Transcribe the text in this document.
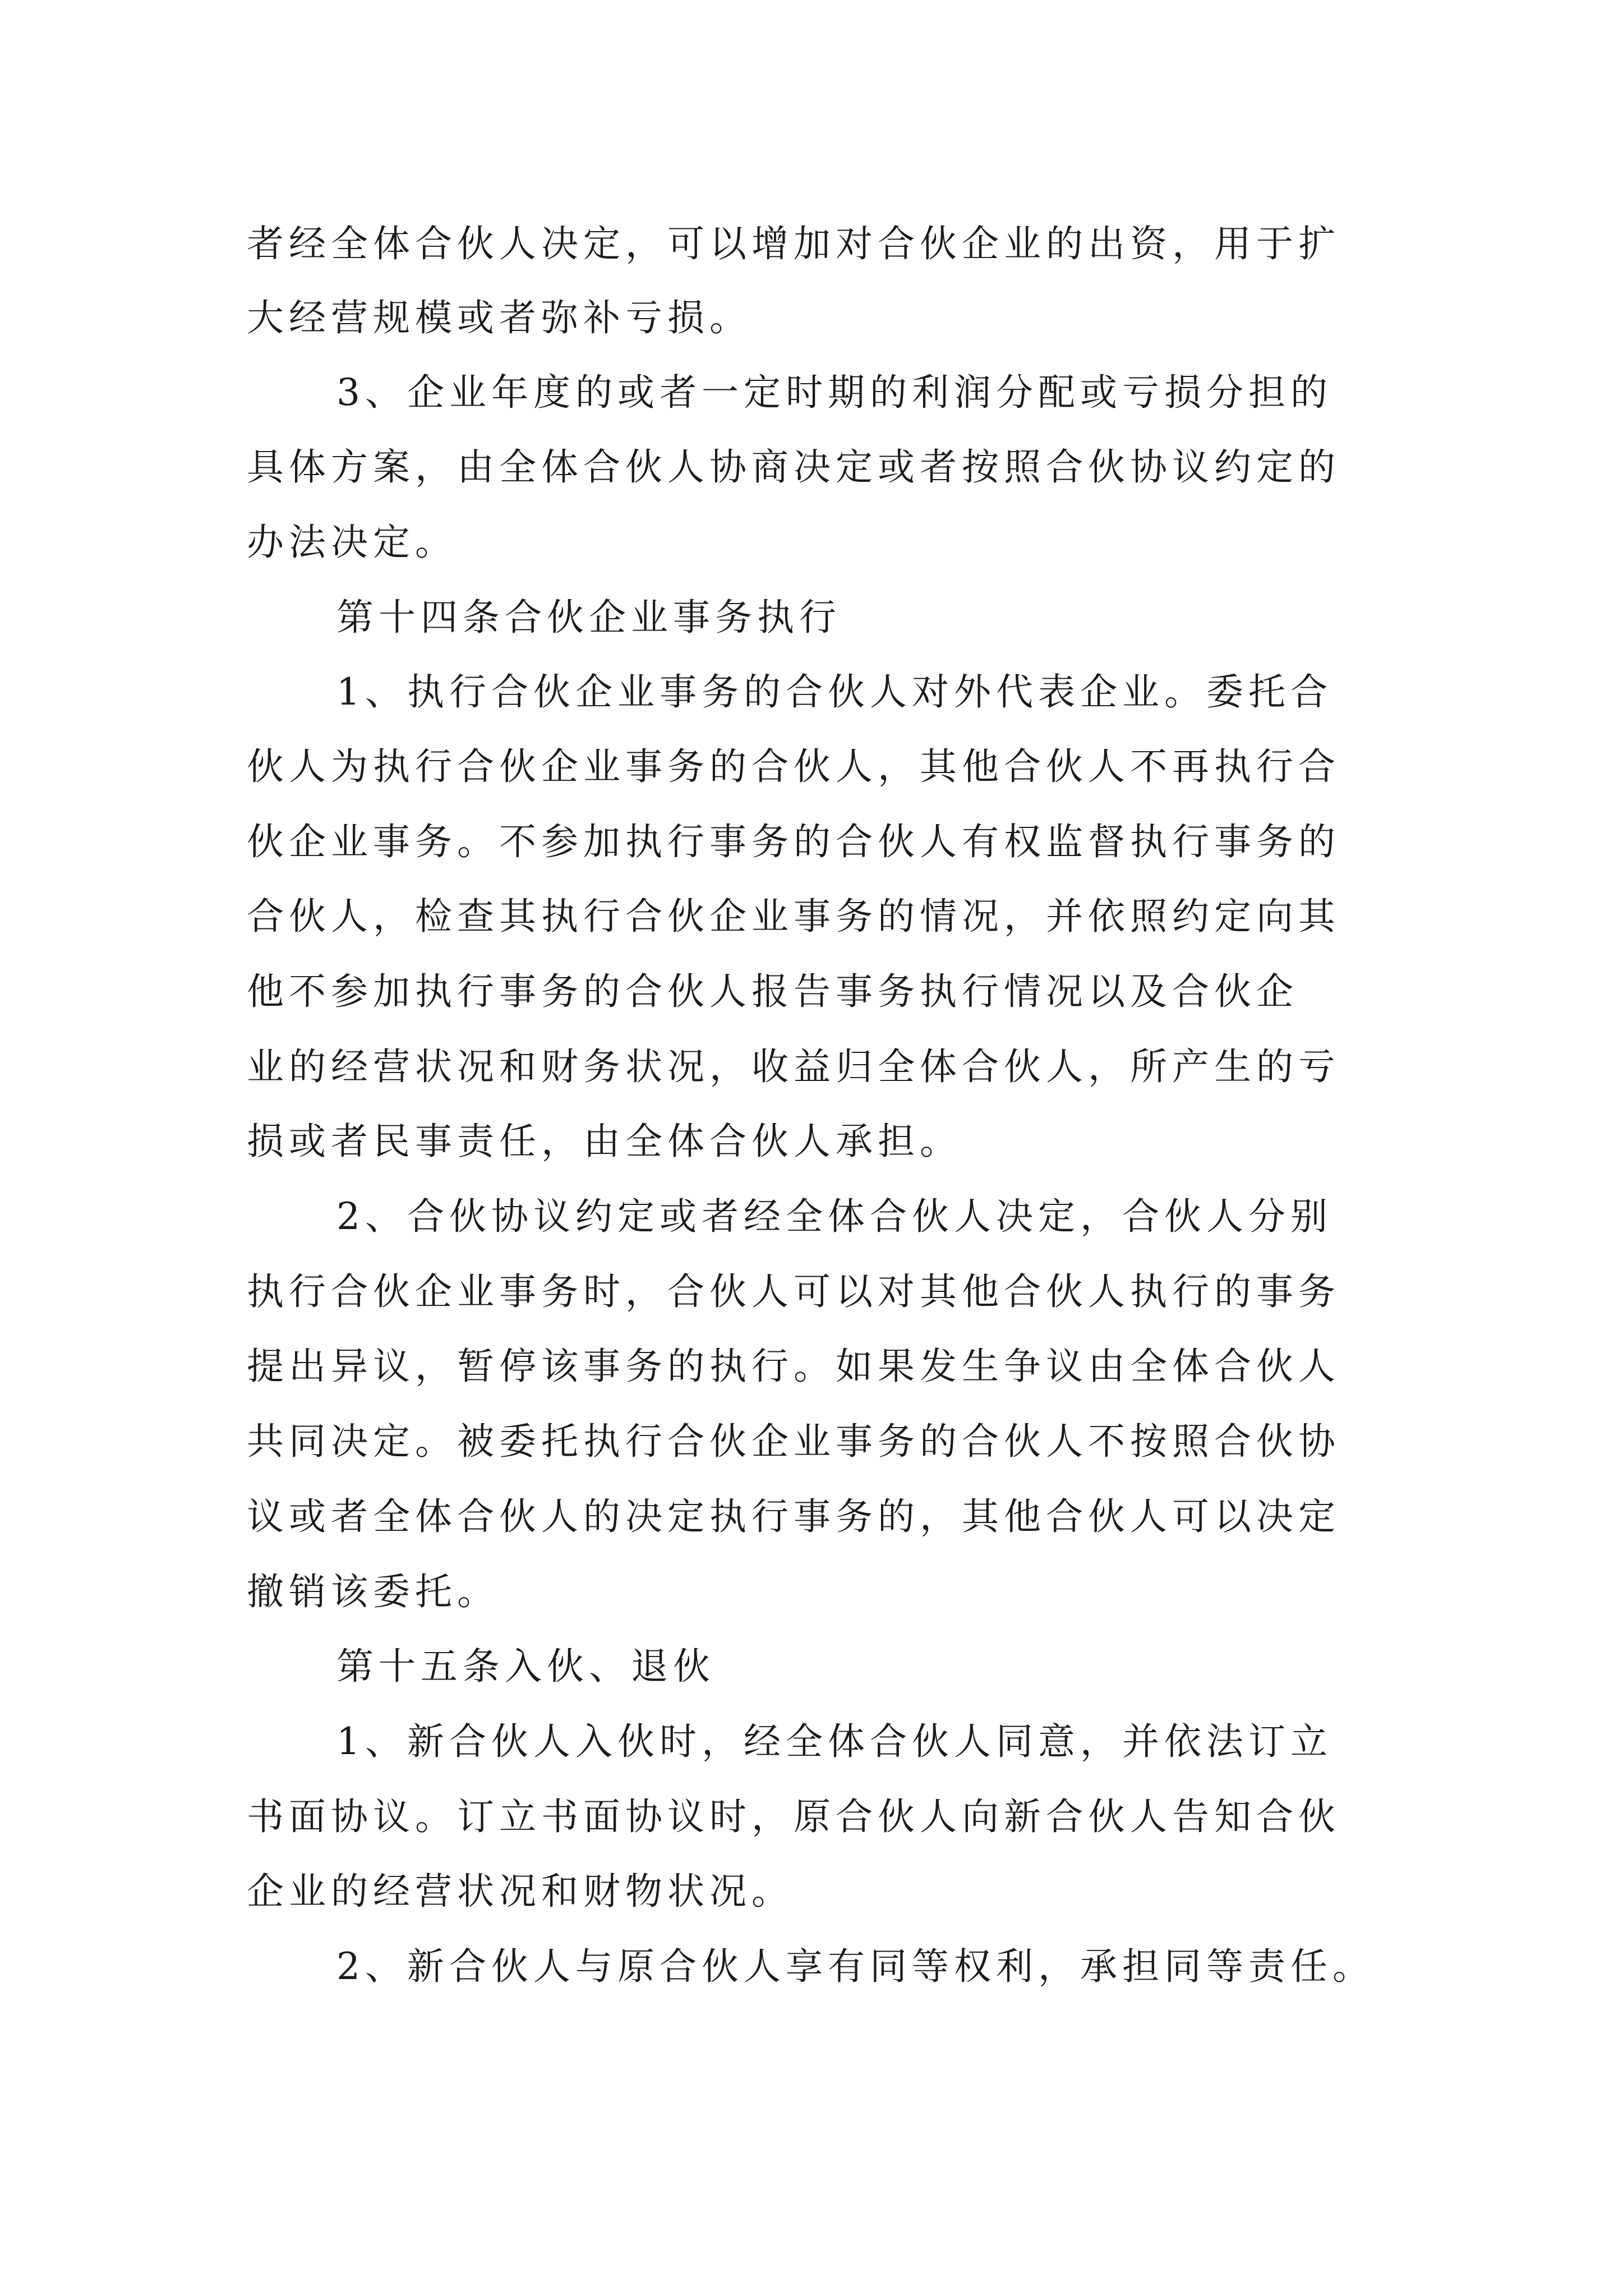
者经全体合伙人决定，可以增加对合伙企业的出资，用于扩
大经营规模或者弥补亏损。
3、企业年度的或者一定时期的利润分配或亏损分担的
具体方案，由全体合伙人协商决定或者按照合伙协议约定的
办法决定。
第十四条合伙企业事务执行
1、执行合伙企业事务的合伙人对外代表企业。委托合
伙人为执行合伙企业事务的合伙人，其他合伙人不再执行合
伙企业事务。不参加执行事务的合伙人有权监督执行事务的
合伙人，检查其执行合伙企业事务的情况，并依照约定向其
他不参加执行事务的合伙人报告事务执行情况以及合伙企
业的经营状况和财务状况，收益归全体合伙人，所产生的亏
损或者民事责任，由全体合伙人承担。
2、合伙协议约定或者经全体合伙人决定，合伙人分别
执行合伙企业事务时，合伙人可以对其他合伙人执行的事务
提出异议，暂停该事务的执行。如果发生争议由全体合伙人
共同决定。被委托执行合伙企业事务的合伙人不按照合伙协
议或者全体合伙人的决定执行事务的，其他合伙人可以决定
撤销该委托。
第十五条入伙、退伙
1、新合伙人入伙时，经全体合伙人同意，并依法订立
书面协议。订立书面协议时，原合伙人向新合伙人告知合伙
企业的经营状况和财物状况。
2、新合伙人与原合伙人享有同等权利，承担同等责任。
